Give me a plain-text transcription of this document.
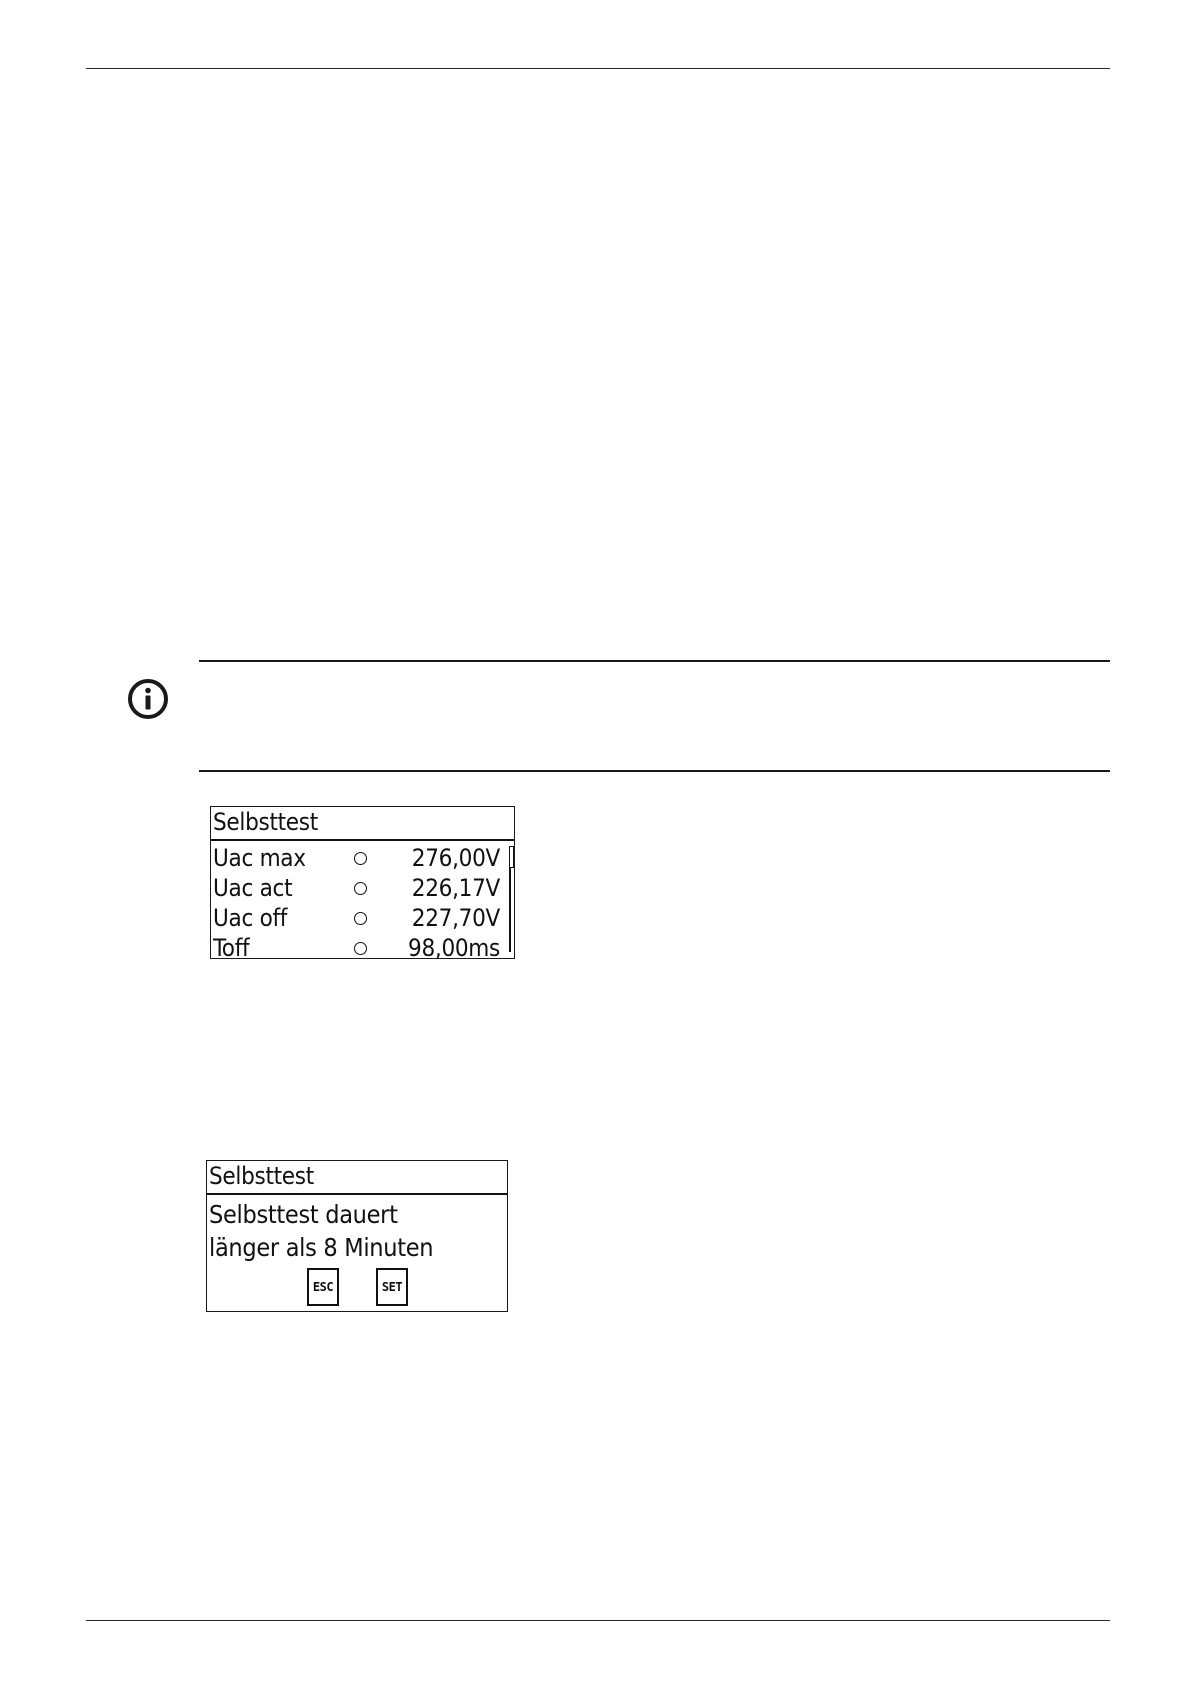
Selbsttest
Uac max	276,00V
Uac act	226,17V
Uac off	227,70V
Toff	98,00ms
Selbsttest
Selbsttest dauert
länger als 8 Minuten
ESC	SET
